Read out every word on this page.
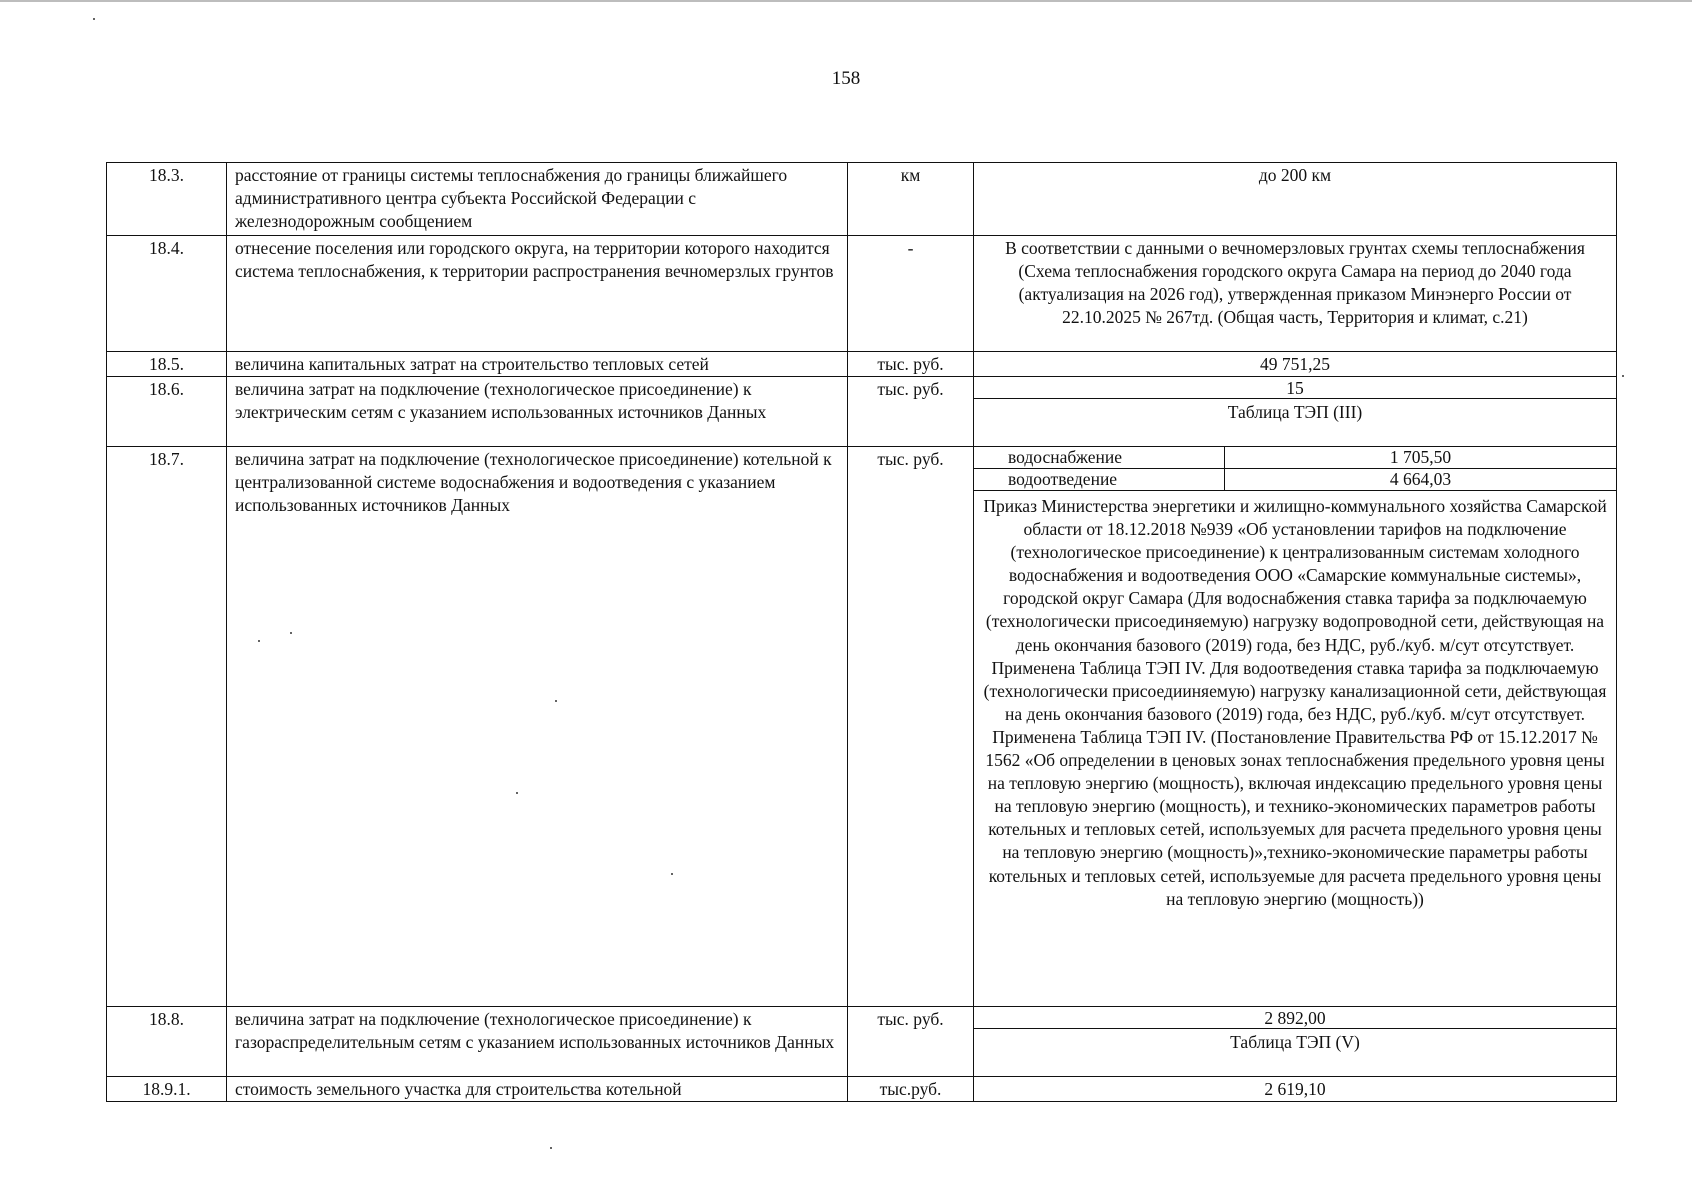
158
18.3.	расстояние от границы системы теплоснабжения до границы ближайшего административного центра субъекта Российской Федерации с железнодорожным сообщением	км	до 200 км
18.4.	отнесение поселения или городского округа, на территории которого находится система теплоснабжения, к территории распространения вечномерзлых грунтов	-	В соответствии с данными о вечномерзловых грунтах схемы теплоснабжения (Схема теплоснабжения городского округа Самара на период до 2040 года (актуализация на 2026 год), утвержденная приказом Минэнерго России от 22.10.2025 № 267тд. (Общая часть, Территория и климат, с.21)
18.5.	величина капитальных затрат на строительство тепловых сетей	тыс. руб.	49 751,25
18.6.	величина затрат на подключение (технологическое присоединение) к электрическим сетям с указанием использованных источников Данных	тыс. руб.	15
Таблица ТЭП (III)

18.7.	величина затрат на подключение (технологическое присоединение) котельной к централизованной системе водоснабжения и водоотведения с указанием использованных источников Данных	тыс. руб.		водоснабжение	1 705,50
водоотведение	4 664,03
Приказ Министерства энергетики и жилищно-коммунального хозяйства Самарской области от 18.12.2018 №939 «Об установлении тарифов на подключение (технологическое присоединение) к централизованным системам холодного водоснабжения и водоотведения ООО «Самарские коммунальные системы», городской округ Самара (Для водоснабжения ставка тарифа за подключаемую (технологически присоединяемую) нагрузку водопроводной сети, действующая на день окончания базового (2019) года, без НДС, руб./куб. м/сут отсутствует. Применена Таблица ТЭП IV. Для водоотведения ставка тарифа за подключаемую (технологически присоедииняемую) нагрузку канализационной сети, действующая на день окончания базового (2019) года, без НДС, руб./куб. м/сут отсутствует. Применена Таблица ТЭП IV. (Постановление Правительства РФ от 15.12.2017 № 1562 «Об определении в ценовых зонах теплоснабжения предельного уровня цены на тепловую энергию (мощность), включая индексацию предельного уровня цены на тепловую энергию (мощность), и технико-экономических параметров работы котельных и тепловых сетей, используемых для расчета предельного уровня цены на тепловую энергию (мощность)»,технико-экономические параметры работы котельных и тепловых сетей, используемые для расчета предельного уровня цены на тепловую энергию (мощность))

18.8.	величина затрат на подключение (технологическое присоединение) к газораспределительным сетям с указанием использованных источников Данных	тыс. руб.	2 892,00
Таблица ТЭП (V)

18.9.1.	стоимость земельного участка для строительства котельной	тыс.руб.	2 619,10
